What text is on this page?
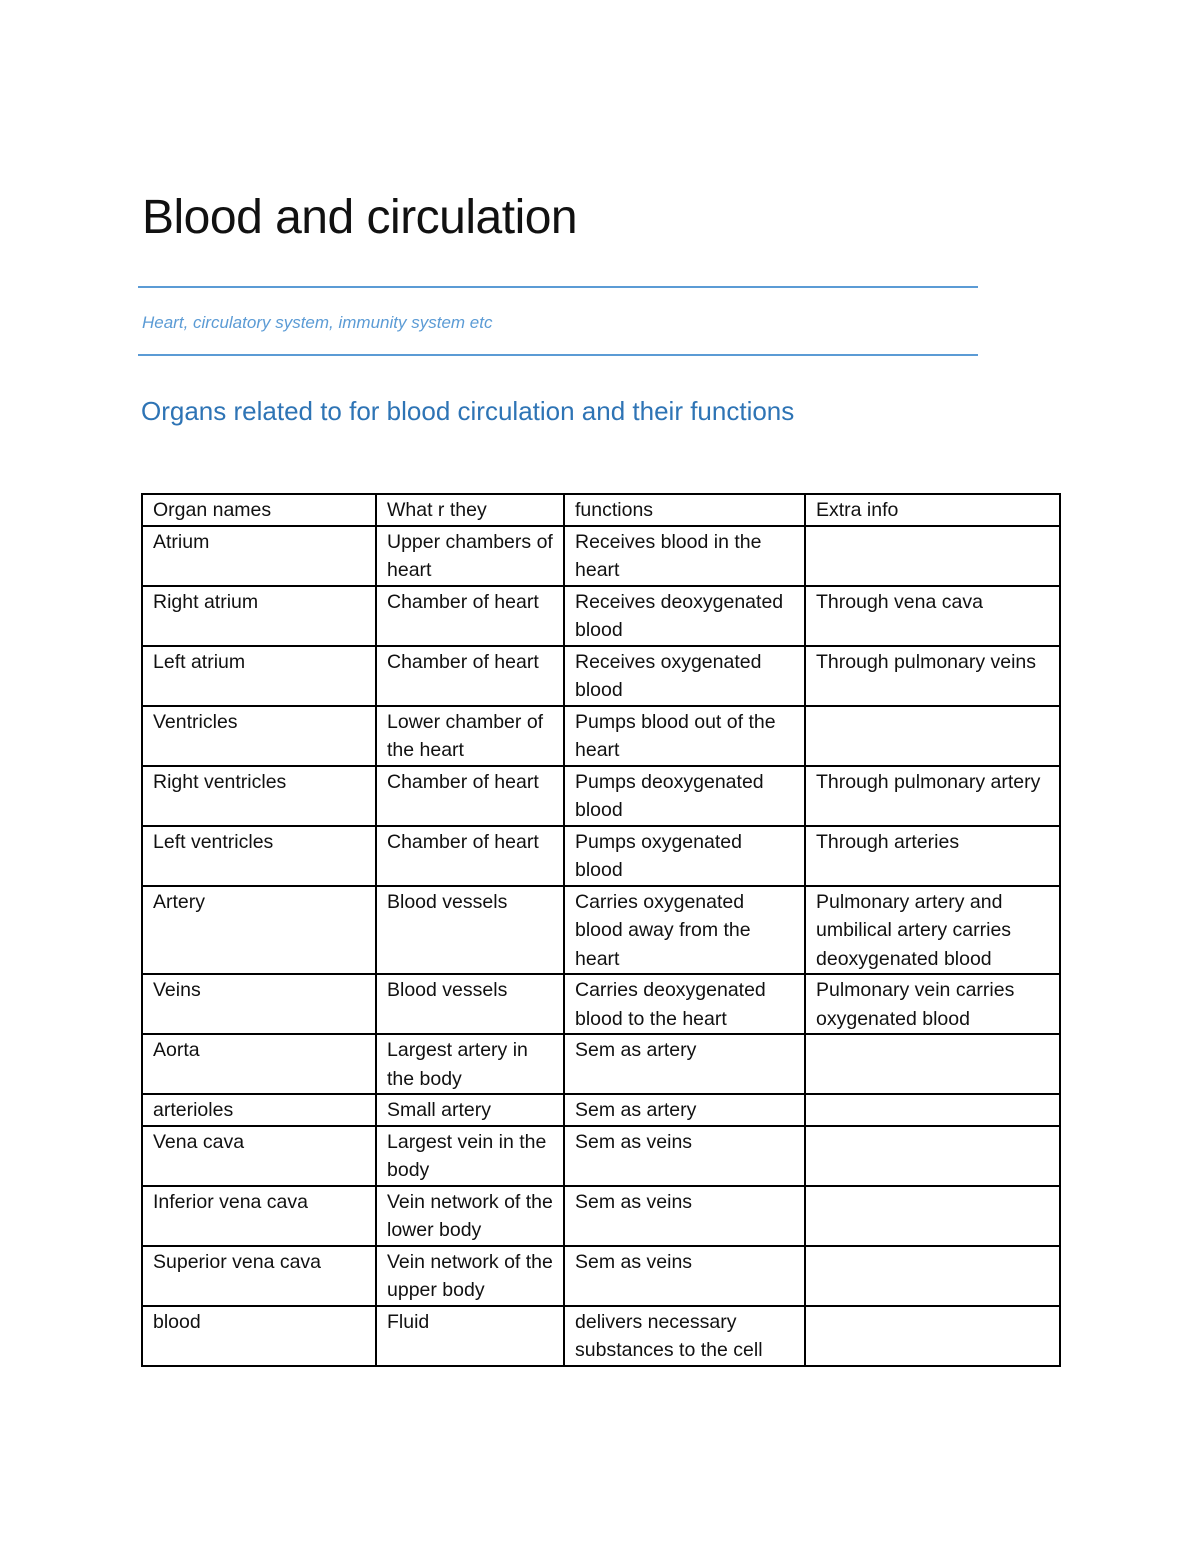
Blood and circulation

Heart, circulatory system, immunity system etc

Organs related to for blood circulation and their functions
Organ names	What r they	functions	Extra info
Atrium	Upper chambers of heart	Receives blood in the heart	
Right atrium	Chamber of heart	Receives deoxygenated blood	Through vena cava
Left atrium	Chamber of heart	Receives oxygenated blood	Through pulmonary veins
Ventricles	Lower chamber of the heart	Pumps blood out of the heart	
Right ventricles	Chamber of heart	Pumps deoxygenated blood	Through pulmonary artery
Left ventricles	Chamber of heart	Pumps oxygenated blood	Through arteries
Artery	Blood vessels	Carries oxygenated blood away from the heart	Pulmonary artery and umbilical artery carries deoxygenated blood
Veins	Blood vessels	Carries deoxygenated blood to the heart	Pulmonary vein carries oxygenated blood
Aorta	Largest artery in the body	Sem as artery	
arterioles	Small artery	Sem as artery	
Vena cava	Largest vein in the body	Sem as veins	
Inferior vena cava	Vein network of the lower body	Sem as veins	
Superior vena cava	Vein network of the upper body	Sem as veins	
blood	Fluid	delivers necessary substances to the cell	
